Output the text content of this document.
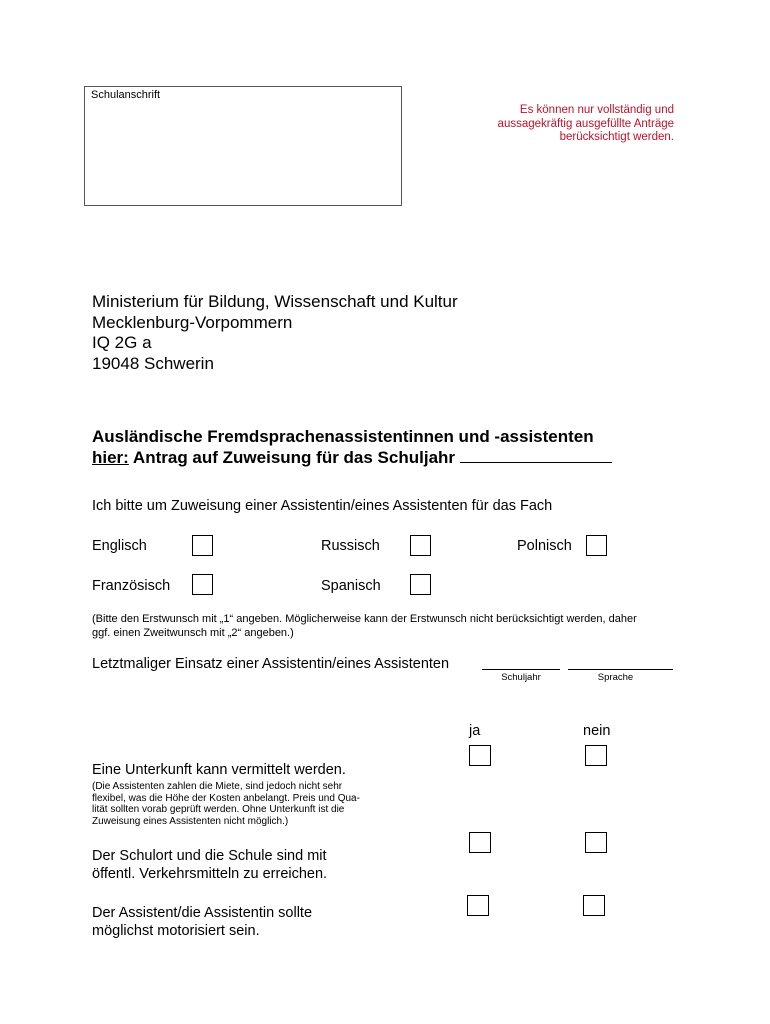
Schulanschrift
Es können nur vollständig und
aussagekräftig ausgefüllte Anträge
berücksichtigt werden.
Ministerium für Bildung, Wissenschaft und Kultur
Mecklenburg-Vorpommern
IQ 2G a
19048 Schwerin
Ausländische Fremdsprachenassistentinnen und -assistenten
hier: Antrag auf Zuweisung für das Schuljahr
Ich bitte um Zuweisung einer Assistentin/eines Assistenten für das Fach
Englisch	Russisch	Polnisch
Französisch	Spanisch
(Bitte den Erstwunsch mit „1“ angeben. Möglicherweise kann der Erstwunsch nicht berücksichtigt werden, daher
ggf. einen Zweitwunsch mit „2“ angeben.)
Letztmaliger Einsatz einer Assistentin/eines Assistenten
Schuljahr	Sprache
ja	nein
Eine Unterkunft kann vermittelt werden.
(Die Assistenten zahlen die Miete, sind jedoch nicht sehr
flexibel, was die Höhe der Kosten anbelangt. Preis und Qua-
lität sollten vorab geprüft werden. Ohne Unterkunft ist die
Zuweisung eines Assistenten nicht möglich.)
Der Schulort und die Schule sind mit
öffentl. Verkehrsmitteln zu erreichen.
Der Assistent/die Assistentin sollte
möglichst motorisiert sein.
